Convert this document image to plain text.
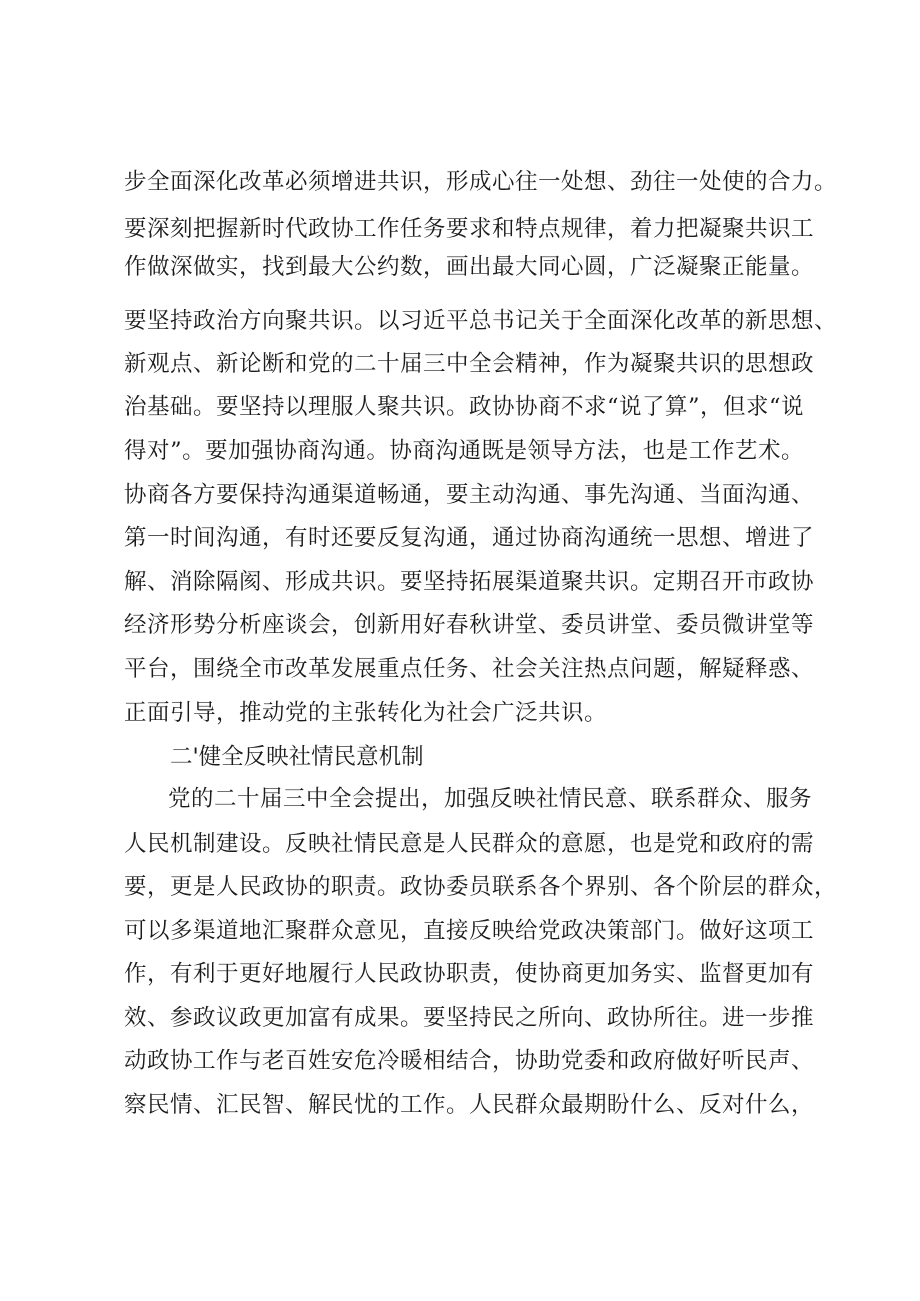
步全面深化改革必须增进共识，形成心往一处想、劲往一处使的合力。
要深刻把握新时代政协工作任务要求和特点规律，着力把凝聚共识工
作做深做实，找到最大公约数，画出最大同心圆，广泛凝聚正能量。
要坚持政治方向聚共识。以习近平总书记关于全面深化改革的新思想、
新观点、新论断和党的二十届三中全会精神，作为凝聚共识的思想政
治基础。要坚持以理服人聚共识。政协协商不求“说了算”，但求“说
得对”。要加强协商沟通。协商沟通既是领导方法，也是工作艺术。
协商各方要保持沟通渠道畅通，要主动沟通、事先沟通、当面沟通、
第一时间沟通，有时还要反复沟通，通过协商沟通统一思想、增进了
解、消除隔阂、形成共识。要坚持拓展渠道聚共识。定期召开市政协
经济形势分析座谈会，创新用好春秋讲堂、委员讲堂、委员微讲堂等
平台，围绕全市改革发展重点任务、社会关注热点问题，解疑释惑、
正面引导，推动党的主张转化为社会广泛共识。
二'健全反映社情民意机制
党的二十届三中全会提出，加强反映社情民意、联系群众、服务
人民机制建设。反映社情民意是人民群众的意愿，也是党和政府的需
要，更是人民政协的职责。政协委员联系各个界别、各个阶层的群众，
可以多渠道地汇聚群众意见，直接反映给党政决策部门。做好这项工
作，有利于更好地履行人民政协职责，使协商更加务实、监督更加有
效、参政议政更加富有成果。要坚持民之所向、政协所往。进一步推
动政协工作与老百姓安危冷暖相结合，协助党委和政府做好听民声、
察民情、汇民智、解民忧的工作。人民群众最期盼什么、反对什么，
